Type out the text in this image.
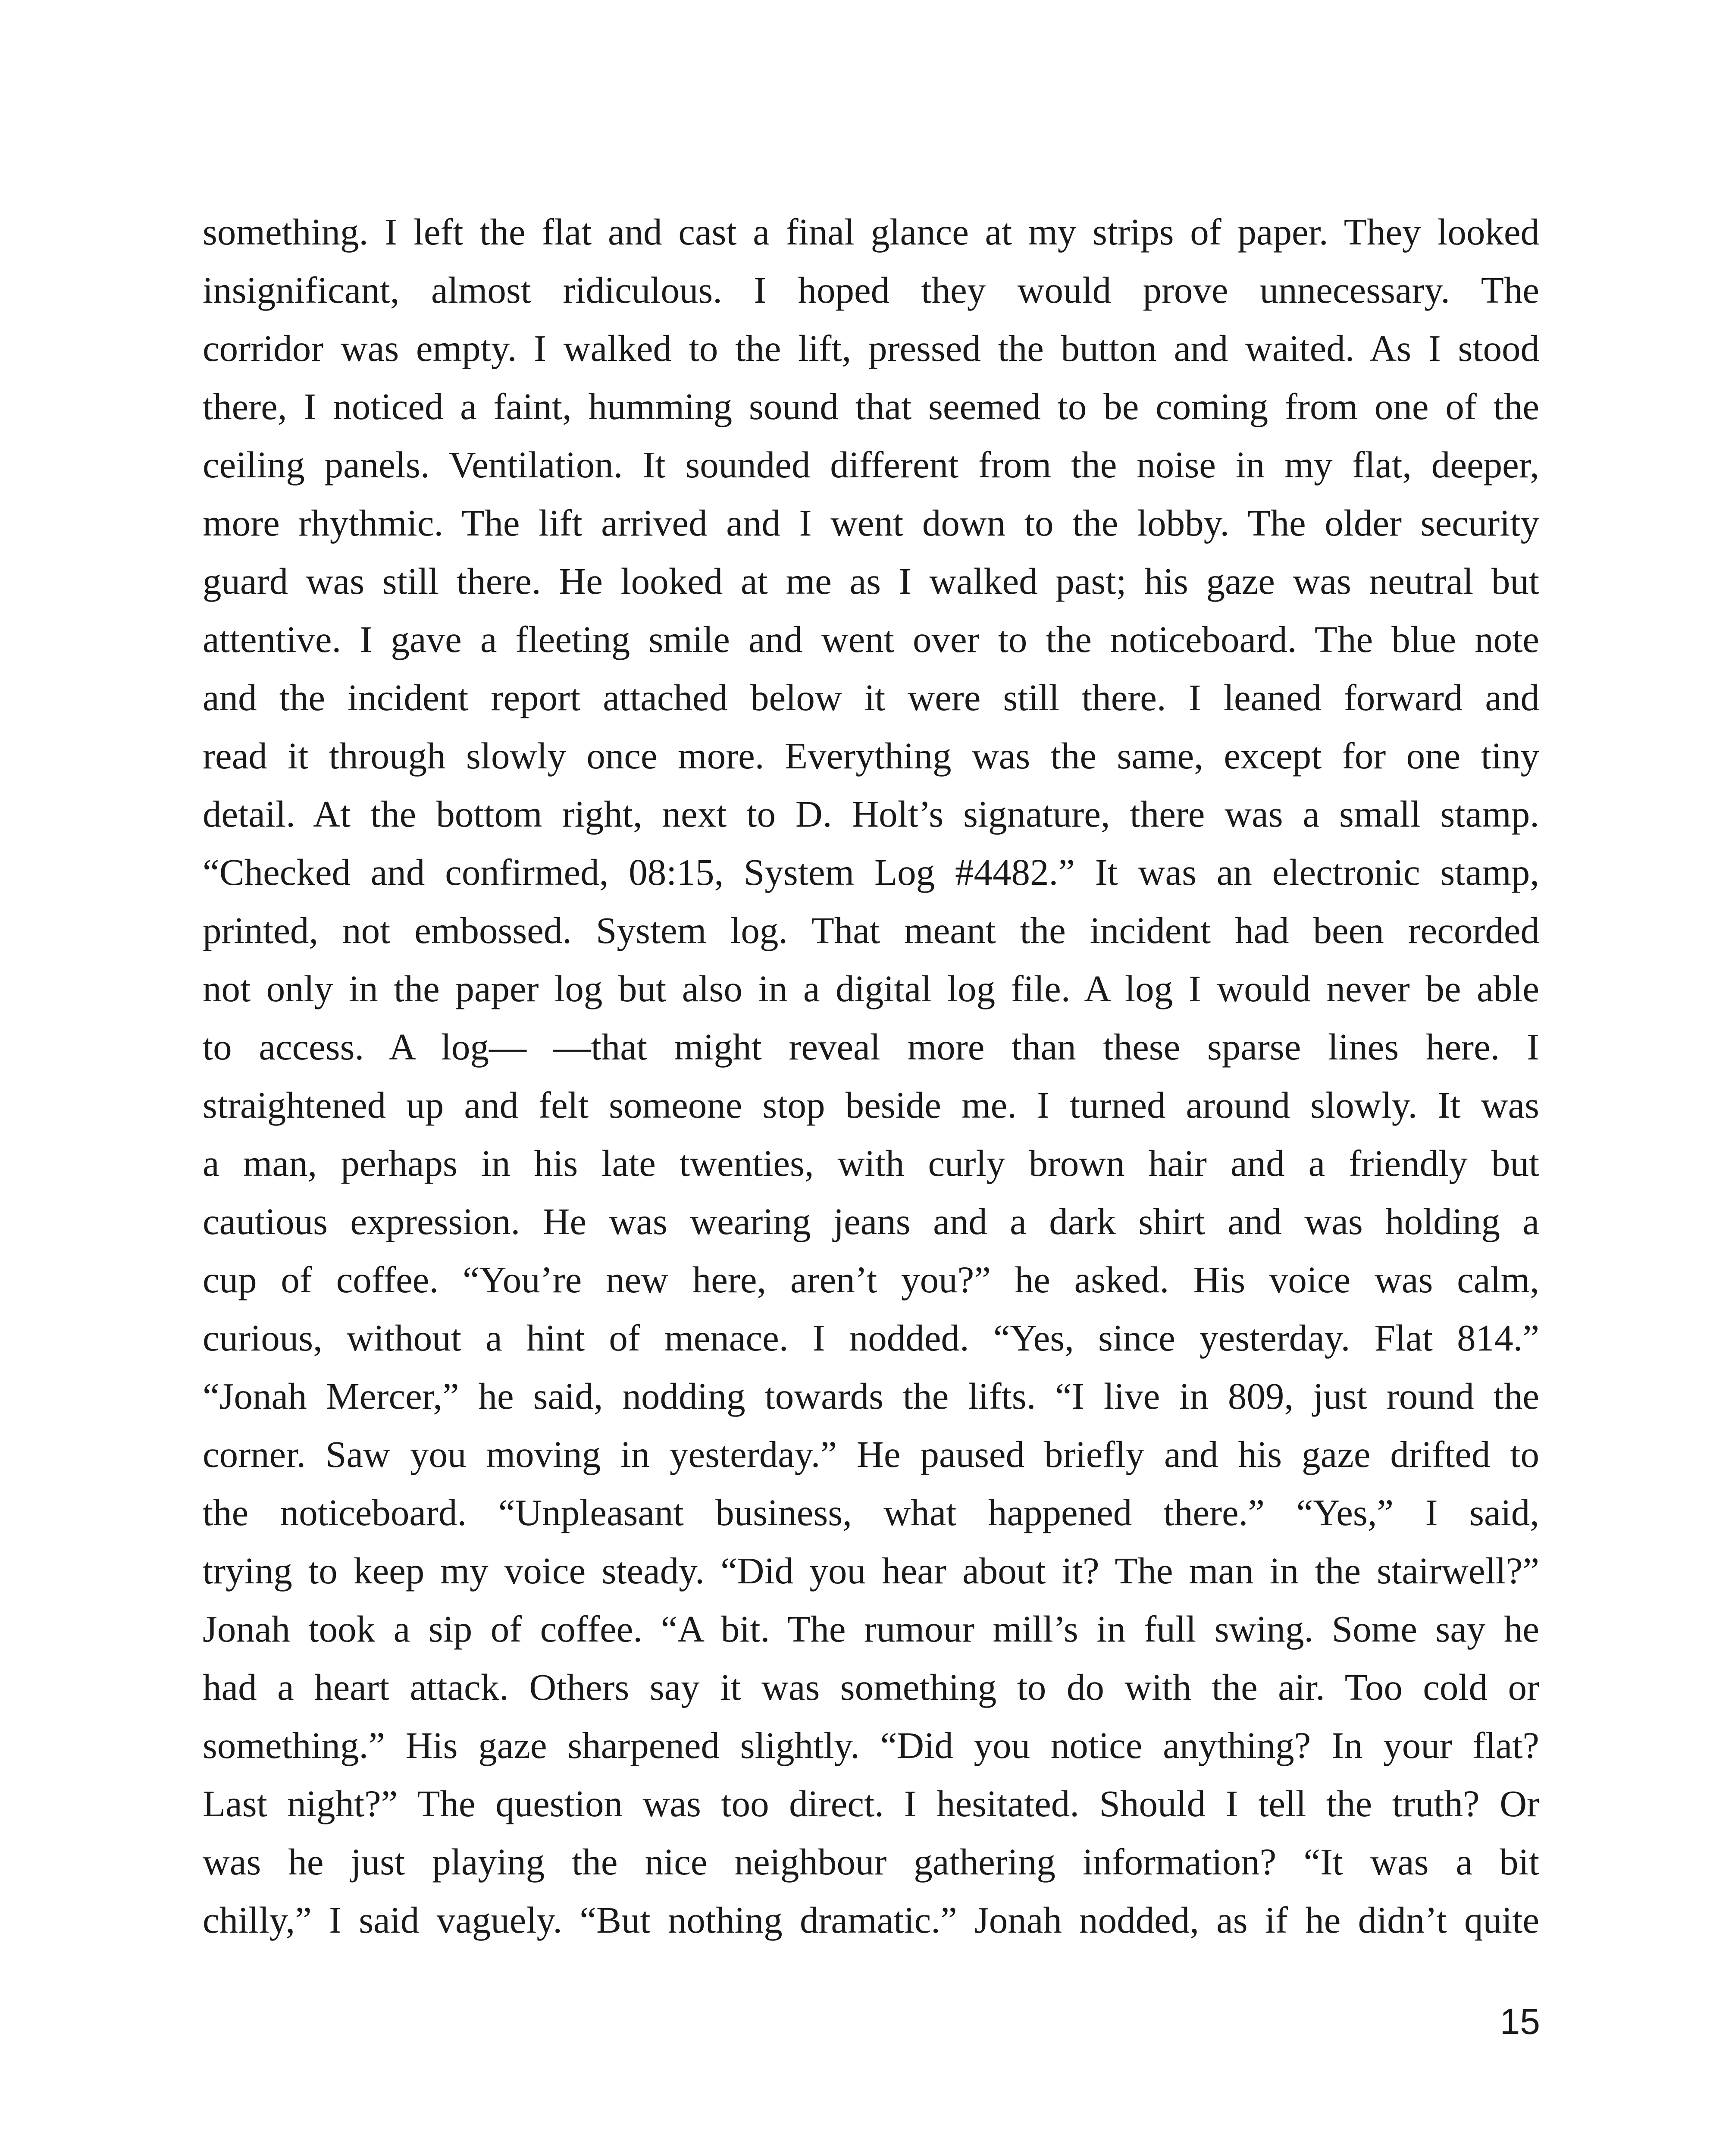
something. I left the flat and cast a final glance at my strips of paper. They looked
insignificant, almost ridiculous. I hoped they would prove unnecessary. The
corridor was empty. I walked to the lift, pressed the button and waited. As I stood
there, I noticed a faint, humming sound that seemed to be coming from one of the
ceiling panels. Ventilation. It sounded different from the noise in my flat, deeper,
more rhythmic. The lift arrived and I went down to the lobby. The older security
guard was still there. He looked at me as I walked past; his gaze was neutral but
attentive. I gave a fleeting smile and went over to the noticeboard. The blue note
and the incident report attached below it were still there. I leaned forward and
read it through slowly once more. Everything was the same, except for one tiny
detail. At the bottom right, next to D. Holt’s signature, there was a small stamp.
“Checked and confirmed, 08:15, System Log #4482.” It was an electronic stamp,
printed, not embossed. System log. That meant the incident had been recorded
not only in the paper log but also in a digital log file. A log I would never be able
to access. A log— —that might reveal more than these sparse lines here. I
straightened up and felt someone stop beside me. I turned around slowly. It was
a man, perhaps in his late twenties, with curly brown hair and a friendly but
cautious expression. He was wearing jeans and a dark shirt and was holding a
cup of coffee. “You’re new here, aren’t you?” he asked. His voice was calm,
curious, without a hint of menace. I nodded. “Yes, since yesterday. Flat 814.”
“Jonah Mercer,” he said, nodding towards the lifts. “I live in 809, just round the
corner. Saw you moving in yesterday.” He paused briefly and his gaze drifted to
the noticeboard. “Unpleasant business, what happened there.” “Yes,” I said,
trying to keep my voice steady. “Did you hear about it? The man in the stairwell?”
Jonah took a sip of coffee. “A bit. The rumour mill’s in full swing. Some say he
had a heart attack. Others say it was something to do with the air. Too cold or
something.” His gaze sharpened slightly. “Did you notice anything? In your flat?
Last night?” The question was too direct. I hesitated. Should I tell the truth? Or
was he just playing the nice neighbour gathering information? “It was a bit
chilly,” I said vaguely. “But nothing dramatic.” Jonah nodded, as if he didn’t quite
15
